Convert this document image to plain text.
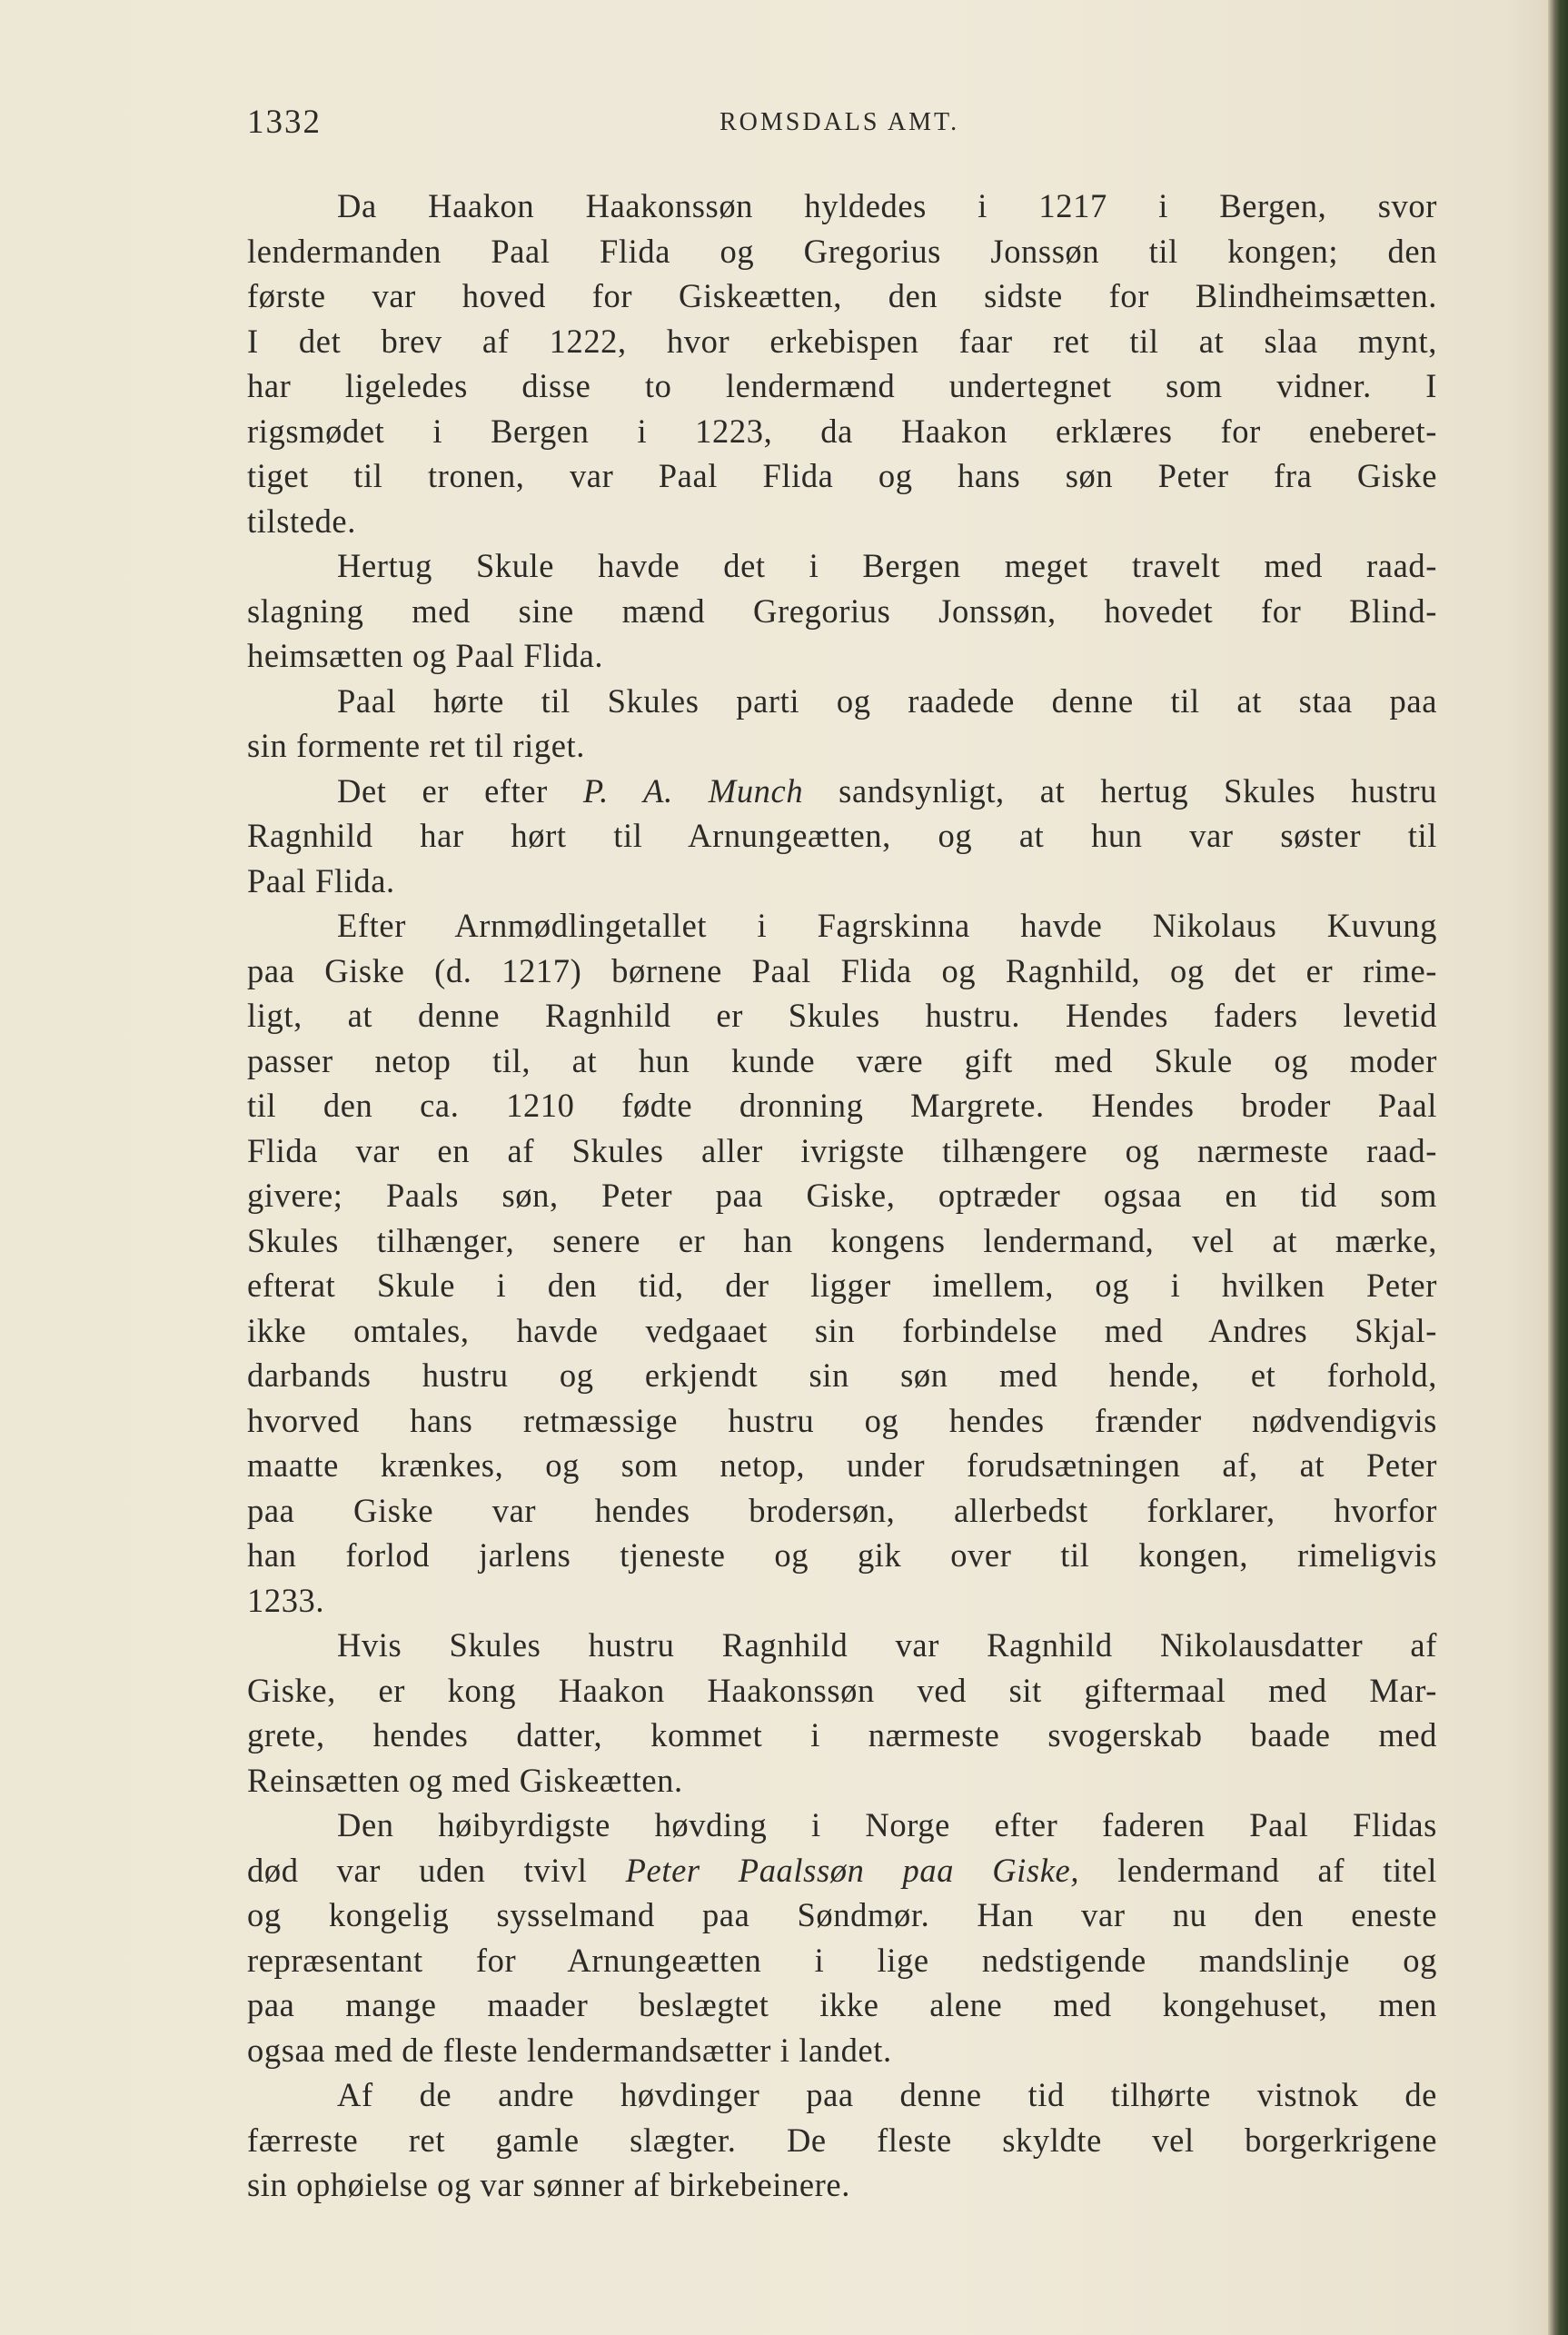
1332	ROMSDALS AMT.
Da Haakon Haakonssøn hyldedes i 1217 i Bergen, svor
lendermanden Paal Flida og Gregorius Jonssøn til kongen; den
første var hoved for Giskeætten, den sidste for Blindheimsætten.
I det brev af 1222, hvor erkebispen faar ret til at slaa mynt,
har ligeledes disse to lendermænd undertegnet som vidner. I
rigsmødet i Bergen i 1223, da Haakon erklæres for eneberet-
tiget til tronen, var Paal Flida og hans søn Peter fra Giske
tilstede.
Hertug Skule havde det i Bergen meget travelt med raad-
slagning med sine mænd Gregorius Jonssøn, hovedet for Blind-
heimsætten og Paal Flida.
Paal hørte til Skules parti og raadede denne til at staa paa
sin formente ret til riget.
Det er efter P. A. Munch sandsynligt, at hertug Skules hustru
Ragnhild har hørt til Arnungeætten, og at hun var søster til
Paal Flida.
Efter Arnmødlingetallet i Fagrskinna havde Nikolaus Kuvung
paa Giske (d. 1217) børnene Paal Flida og Ragnhild, og det er rime-
ligt, at denne Ragnhild er Skules hustru. Hendes faders levetid
passer netop til, at hun kunde være gift med Skule og moder
til den ca. 1210 fødte dronning Margrete. Hendes broder Paal
Flida var en af Skules aller ivrigste tilhængere og nærmeste raad-
givere; Paals søn, Peter paa Giske, optræder ogsaa en tid som
Skules tilhænger, senere er han kongens lendermand, vel at mærke,
efterat Skule i den tid, der ligger imellem, og i hvilken Peter
ikke omtales, havde vedgaaet sin forbindelse med Andres Skjal-
darbands hustru og erkjendt sin søn med hende, et forhold,
hvorved hans retmæssige hustru og hendes frænder nødvendigvis
maatte krænkes, og som netop, under forudsætningen af, at Peter
paa Giske var hendes brodersøn, allerbedst forklarer, hvorfor
han forlod jarlens tjeneste og gik over til kongen, rimeligvis
1233.
Hvis Skules hustru Ragnhild var Ragnhild Nikolausdatter af
Giske, er kong Haakon Haakonssøn ved sit giftermaal med Mar-
grete, hendes datter, kommet i nærmeste svogerskab baade med
Reinsætten og med Giskeætten.
Den høibyrdigste høvding i Norge efter faderen Paal Flidas
død var uden tvivl Peter Paalssøn paa Giske, lendermand af titel
og kongelig sysselmand paa Søndmør. Han var nu den eneste
repræsentant for Arnungeætten i lige nedstigende mandslinje og
paa mange maader beslægtet ikke alene med kongehuset, men
ogsaa med de fleste lendermandsætter i landet.
Af de andre høvdinger paa denne tid tilhørte vistnok de
færreste ret gamle slægter. De fleste skyldte vel borgerkrigene
sin ophøielse og var sønner af birkebeinere.
